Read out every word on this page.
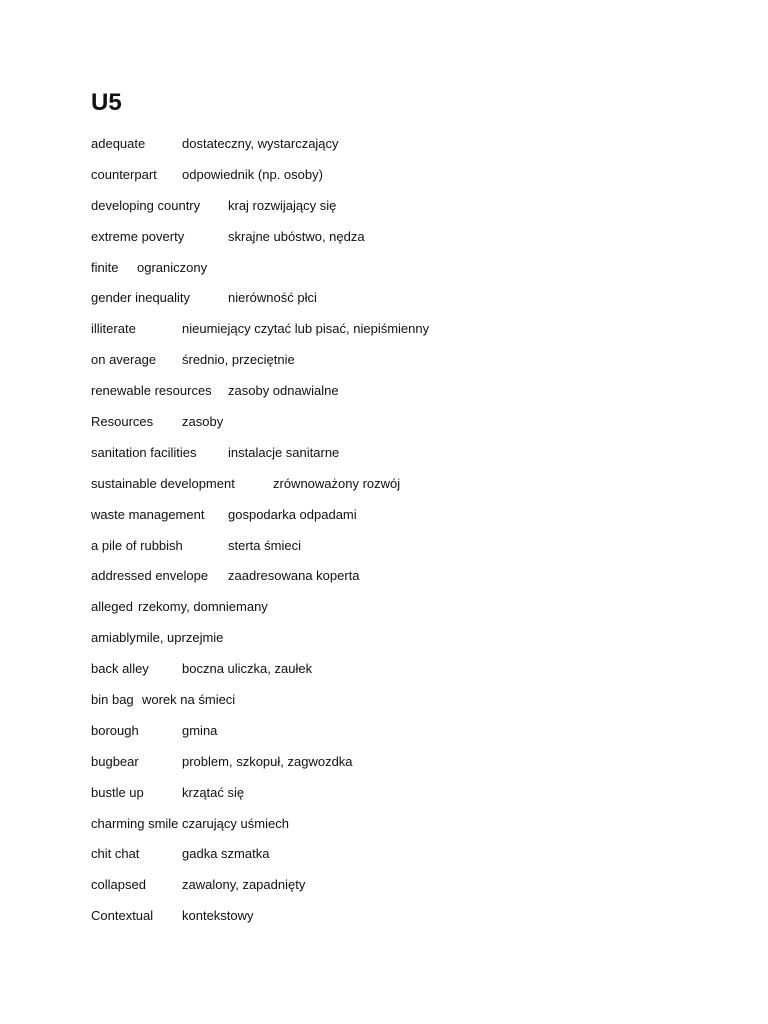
U5
adequate	dostateczny, wystarczający
counterpart odpowiednik (np. osoby)
developing country kraj rozwijający się
extreme poverty	skrajne ubóstwo, nędza
finite ograniczony
gender inequality	nierówność płci
illiterate	nieumiejący czytać lub pisać, niepiśmienny
on average średnio, przeciętnie
renewable resources zasoby odnawialne
Resources zasoby
sanitation facilities instalacje sanitarne
sustainable development	zrównoważony rozwój
waste management gospodarka odpadami
a pile of rubbish	sterta śmieci
addressed envelope zaadresowana koperta
alleged rzekomy, domniemany
amiably mile, uprzejmie
back alley	boczna uliczka, zaułek
bin bag worek na śmieci
borough	gmina
bugbear	problem, szkopuł, zagwozdka
bustle up	krzątać się
charming smile czarujący uśmiech
chit chat	gadka szmatka
collapsed	zawalony, zapadnięty
Contextual kontekstowy
